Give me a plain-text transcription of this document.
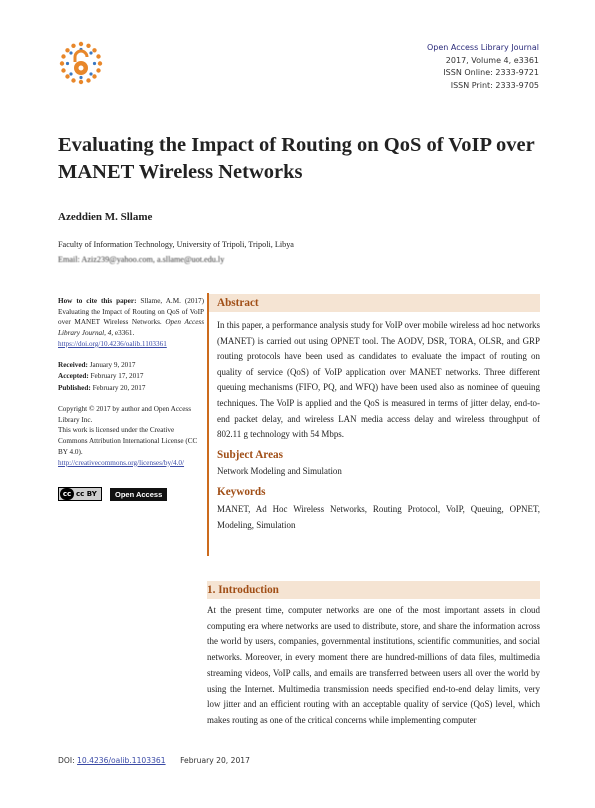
Open Access Library Journal
2017, Volume 4, e3361
ISSN Online: 2333-9721
ISSN Print: 2333-9705
Evaluating the Impact of Routing on QoS of VoIP over MANET Wireless Networks
Azeddien M. Sllame
Faculty of Information Technology, University of Tripoli, Tripoli, Libya
Email: Aziz239@yahoo.com, a.sllame@uot.edu.ly
How to cite this paper: Sllame, A.M. (2017) Evaluating the Impact of Routing on QoS of VoIP over MANET Wireless Networks. Open Access Library Journal, 4, e3361.
https://doi.org/10.4236/oalib.1103361
Received: January 9, 2017
Accepted: February 17, 2017
Published: February 20, 2017
Copyright © 2017 by author and Open Access Library Inc.
This work is licensed under the Creative Commons Attribution International License (CC BY 4.0).
http://creativecommons.org/licenses/by/4.0/
cc cc BY	Open Access
Abstract

In this paper, a performance analysis study for VoIP over mobile wireless ad hoc networks (MANET) is carried out using OPNET tool. The AODV, DSR, TORA, OLSR, and GRP routing protocols have been used as candidates to evaluate the impact of routing on quality of service (QoS) of VoIP application over MANET networks. Three different queuing mechanisms (FIFO, PQ, and WFQ) have been used also as nominee of queuing techniques. The VoIP is applied and the QoS is measured in terms of jitter delay, end-to-end packet delay, and wireless LAN media access delay and wireless throughput of 802.11 g technology with 54 Mbps.

Subject Areas

Network Modeling and Simulation

Keywords

MANET, Ad Hoc Wireless Networks, Routing Protocol, VoIP, Queuing, OPNET, Modeling, Simulation

1. Introduction

At the present time, computer networks are one of the most important assets in cloud computing era where networks are used to distribute, store, and share the information across the world by users, companies, governmental institutions, scientific communities, and social networks. Moreover, in every moment there are hundred-millions of data files, multimedia streaming videos, VoIP calls, and emails are transferred between users all over the world by using the Internet. Multimedia transmission needs specified end-to-end delay limits, very low jitter and an efficient routing with an acceptable quality of service (QoS) level, which makes routing as one of the critical concerns while implementing computer

DOI: 10.4236/oalib.1103361 February 20, 2017
